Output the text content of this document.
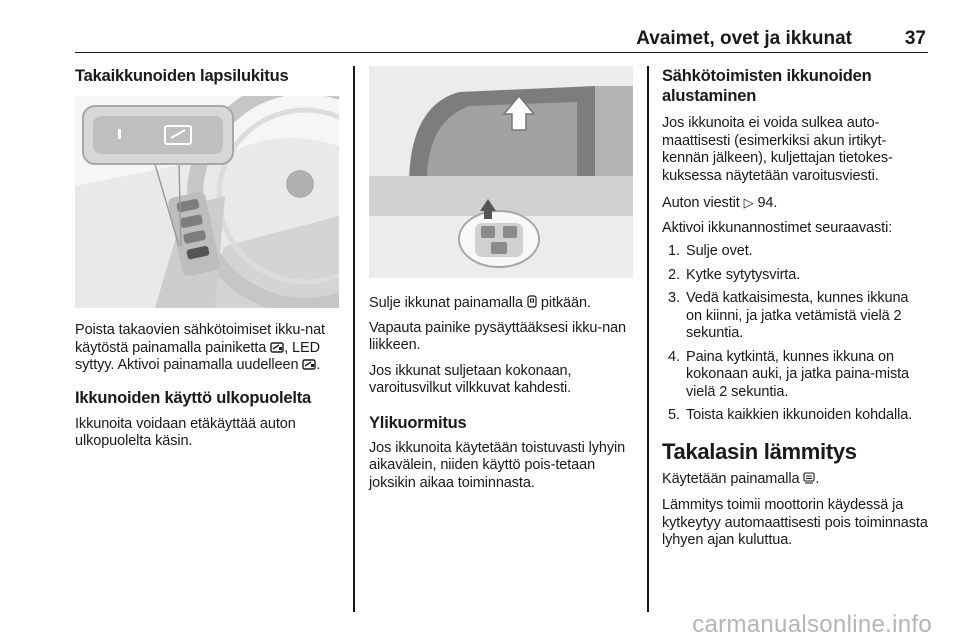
Avaimet, ovet ja ikkunat	37
Takaikkunoiden lapsilukitus

Poista takaovien sähkötoimiset ikku-nat käytöstä painamalla painiketta , LED syttyy. Aktivoi painamalla uudelleen .

Ikkunoiden käyttö ulkopuolelta

Ikkunoita voidaan etäkäyttää auton ulkopuolelta käsin.

Sulje ikkunat painamalla pitkään.

Vapauta painike pysäyttääksesi ikku-nan liikkeen.

Jos ikkunat suljetaan kokonaan, varoitusvilkut vilkkuvat kahdesti.

Ylikuormitus

Jos ikkunoita käytetään toistuvasti lyhyin aikavälein, niiden käyttö pois-tetaan joksikin aikaa toiminnasta.

Sähkötoimisten ikkunoiden alustaminen

Jos ikkunoita ei voida sulkea auto-maattisesti (esimerkiksi akun irtikyt-kennän jälkeen), kuljettajan tietokes-kuksessa näytetään varoitusviesti.

Auton viestit ▷ 94.

Aktivoi ikkunannostimet seuraavasti:

1. Sulje ovet.
2. Kytke sytytysvirta.
3. Vedä katkaisimesta, kunnes ikkuna on kiinni, ja jatka vetämistä vielä 2 sekuntia.
4. Paina kytkintä, kunnes ikkuna on kokonaan auki, ja jatka paina-mista vielä 2 sekuntia.
5. Toista kaikkien ikkunoiden kohdalla.
Takalasin lämmitys

Käytetään painamalla .

Lämmitys toimii moottorin käydessä ja kytkeytyy automaattisesti pois toiminnasta lyhyen ajan kuluttua.

carmanualsonline.info
